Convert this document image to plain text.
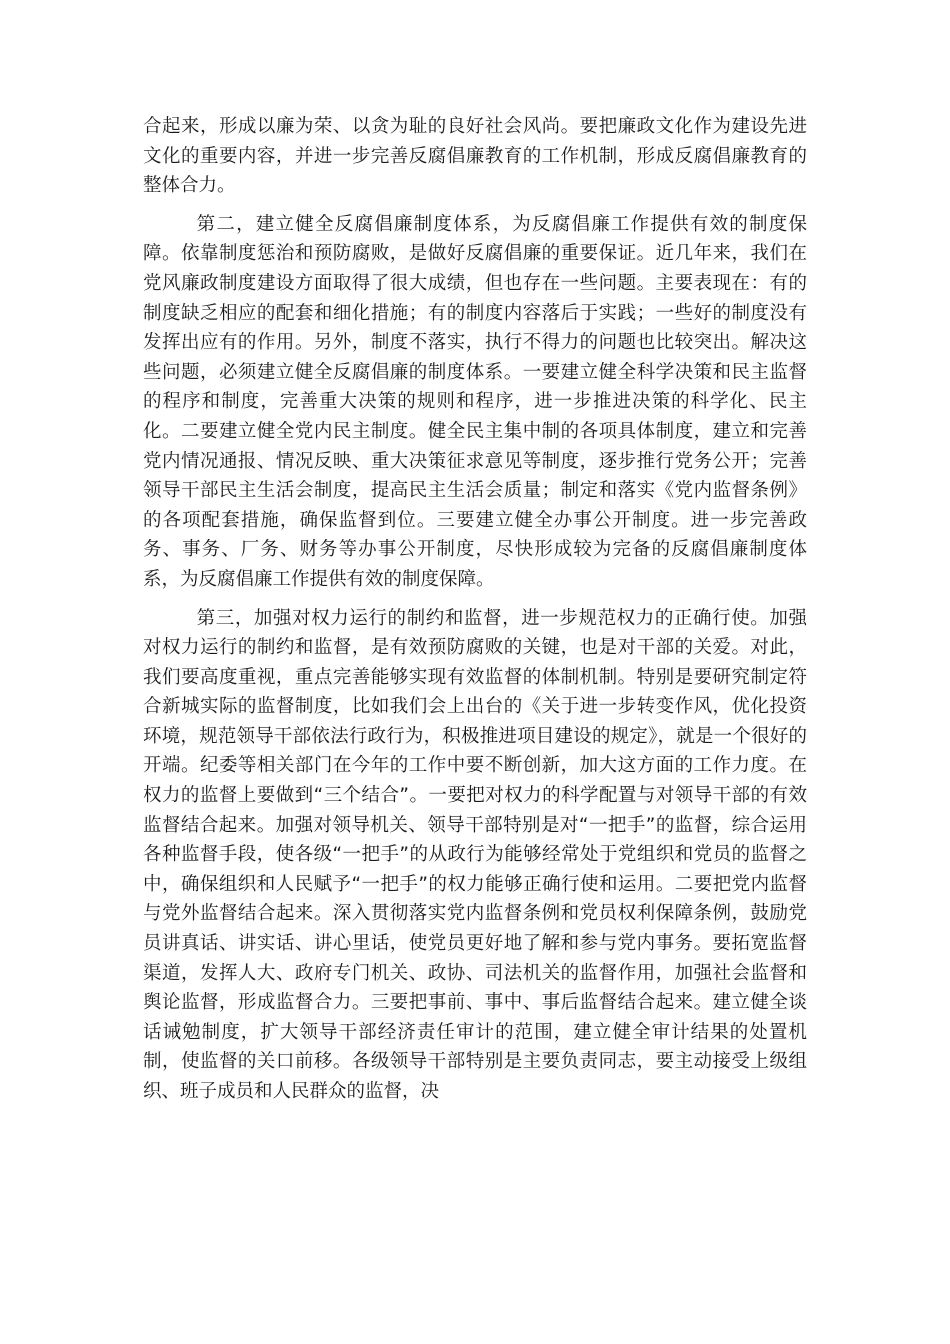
合起来，形成以廉为荣、以贪为耻的良好社会风尚。要把廉政文化作为建设先进文化的重要内容，并进一步完善反腐倡廉教育的工作机制，形成反腐倡廉教育的整体合力。

第二，建立健全反腐倡廉制度体系，为反腐倡廉工作提供有效的制度保障。依靠制度惩治和预防腐败，是做好反腐倡廉的重要保证。近几年来，我们在党风廉政制度建设方面取得了很大成绩，但也存在一些问题。主要表现在：有的制度缺乏相应的配套和细化措施；有的制度内容落后于实践；一些好的制度没有发挥出应有的作用。另外，制度不落实，执行不得力的问题也比较突出。解决这些问题，必须建立健全反腐倡廉的制度体系。一要建立健全科学决策和民主监督的程序和制度，完善重大决策的规则和程序，进一步推进决策的科学化、民主化。二要建立健全党内民主制度。健全民主集中制的各项具体制度，建立和完善党内情况通报、情况反映、重大决策征求意见等制度，逐步推行党务公开；完善领导干部民主生活会制度，提高民主生活会质量；制定和落实《党内监督条例》的各项配套措施，确保监督到位。三要建立健全办事公开制度。进一步完善政务、事务、厂务、财务等办事公开制度，尽快形成较为完备的反腐倡廉制度体系，为反腐倡廉工作提供有效的制度保障。

第三，加强对权力运行的制约和监督，进一步规范权力的正确行使。加强对权力运行的制约和监督，是有效预防腐败的关键，也是对干部的关爱。对此，我们要高度重视，重点完善能够实现有效监督的体制机制。特别是要研究制定符合新城实际的监督制度，比如我们会上出台的《关于进一步转变作风，优化投资环境，规范领导干部依法行政行为，积极推进项目建设的规定》，就是一个很好的开端。纪委等相关部门在今年的工作中要不断创新，加大这方面的工作力度。在权力的监督上要做到“三个结合”。一要把对权力的科学配置与对领导干部的有效监督结合起来。加强对领导机关、领导干部特别是对“一把手”的监督，综合运用各种监督手段，使各级“一把手”的从政行为能够经常处于党组织和党员的监督之中，确保组织和人民赋予“一把手”的权力能够正确行使和运用。二要把党内监督与党外监督结合起来。深入贯彻落实党内监督条例和党员权利保障条例，鼓励党员讲真话、讲实话、讲心里话，使党员更好地了解和参与党内事务。要拓宽监督渠道，发挥人大、政府专门机关、政协、司法机关的监督作用，加强社会监督和舆论监督，形成监督合力。三要把事前、事中、事后监督结合起来。建立健全谈话诫勉制度，扩大领导干部经济责任审计的范围，建立健全审计结果的处置机制，使监督的关口前移。各级领导干部特别是主要负责同志，要主动接受上级组织、班子成员和人民群众的监督，决
